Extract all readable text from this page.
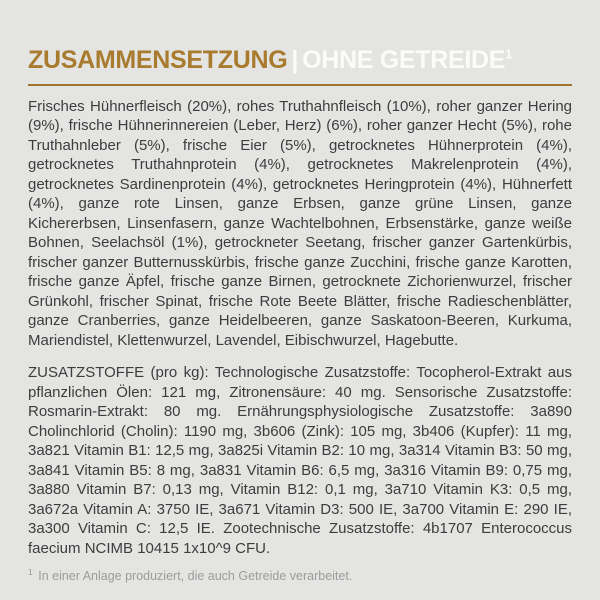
ZUSAMMENSETZUNG | OHNE GETREIDE$^1$

Frisches Hühnerfleisch (20%), rohes Truthahnfleisch (10%), roher ganzer Hering (9%), frische Hühnerinnereien (Leber, Herz) (6%), roher ganzer Hecht (5%), rohe Truthahnleber (5%), frische Eier (5%), getrocknetes Hühnerprotein (4%), getrocknetes Truthahnprotein (4%), getrocknetes Makrelenprotein (4%), getrocknetes Sardinenprotein (4%), getrocknetes Heringprotein (4%), Hühnerfett (4%), ganze rote Linsen, ganze Erbsen, ganze grüne Linsen, ganze Kichererbsen, Linsenfasern, ganze Wachtelbohnen, Erbsenstärke, ganze weiße Bohnen, Seelachsöl (1%), getrockneter Seetang, frischer ganzer Gartenkürbis, frischer ganzer Butternusskürbis, frische ganze Zucchini, frische ganze Karotten, frische ganze Äpfel, frische ganze Birnen, getrocknete Zichorienwurzel, frischer Grünkohl, frischer Spinat, frische Rote Beete Blätter, frische Radieschenblätter, ganze Cranberries, ganze Heidelbeeren, ganze Saskatoon-Beeren, Kurkuma, Mariendistel, Klettenwurzel, Lavendel, Eibischwurzel, Hagebutte.

ZUSATZSTOFFE (pro kg): Technologische Zusatzstoffe: Tocopherol-Extrakt aus pflanzlichen Ölen: 121 mg, Zitronensäure: 40 mg. Sensorische Zusatzstoffe: Rosmarin-Extrakt: 80 mg. Ernährungsphysiologische Zusatzstoffe: 3a890 Cholinchlorid (Cholin): 1190 mg, 3b606 (Zink): 105 mg, 3b406 (Kupfer): 11 mg, 3a821 Vitamin B1: 12,5 mg, 3a825i Vitamin B2: 10 mg, 3a314 Vitamin B3: 50 mg, 3a841 Vitamin B5: 8 mg, 3a831 Vitamin B6: 6,5 mg, 3a316 Vitamin B9: 0,75 mg, 3a880 Vitamin B7: 0,13 mg, Vitamin B12: 0,1 mg, 3a710 Vitamin K3: 0,5 mg, 3a672a Vitamin A: 3750 IE, 3a671 Vitamin D3: 500 IE, 3a700 Vitamin E: 290 IE, 3a300 Vitamin C: 12,5 IE. Zootechnische Zusatzstoffe: 4b1707 Enterococcus faecium NCIMB 10415 1x10^9 CFU.

$^1$ In einer Anlage produziert, die auch Getreide verarbeitet.
